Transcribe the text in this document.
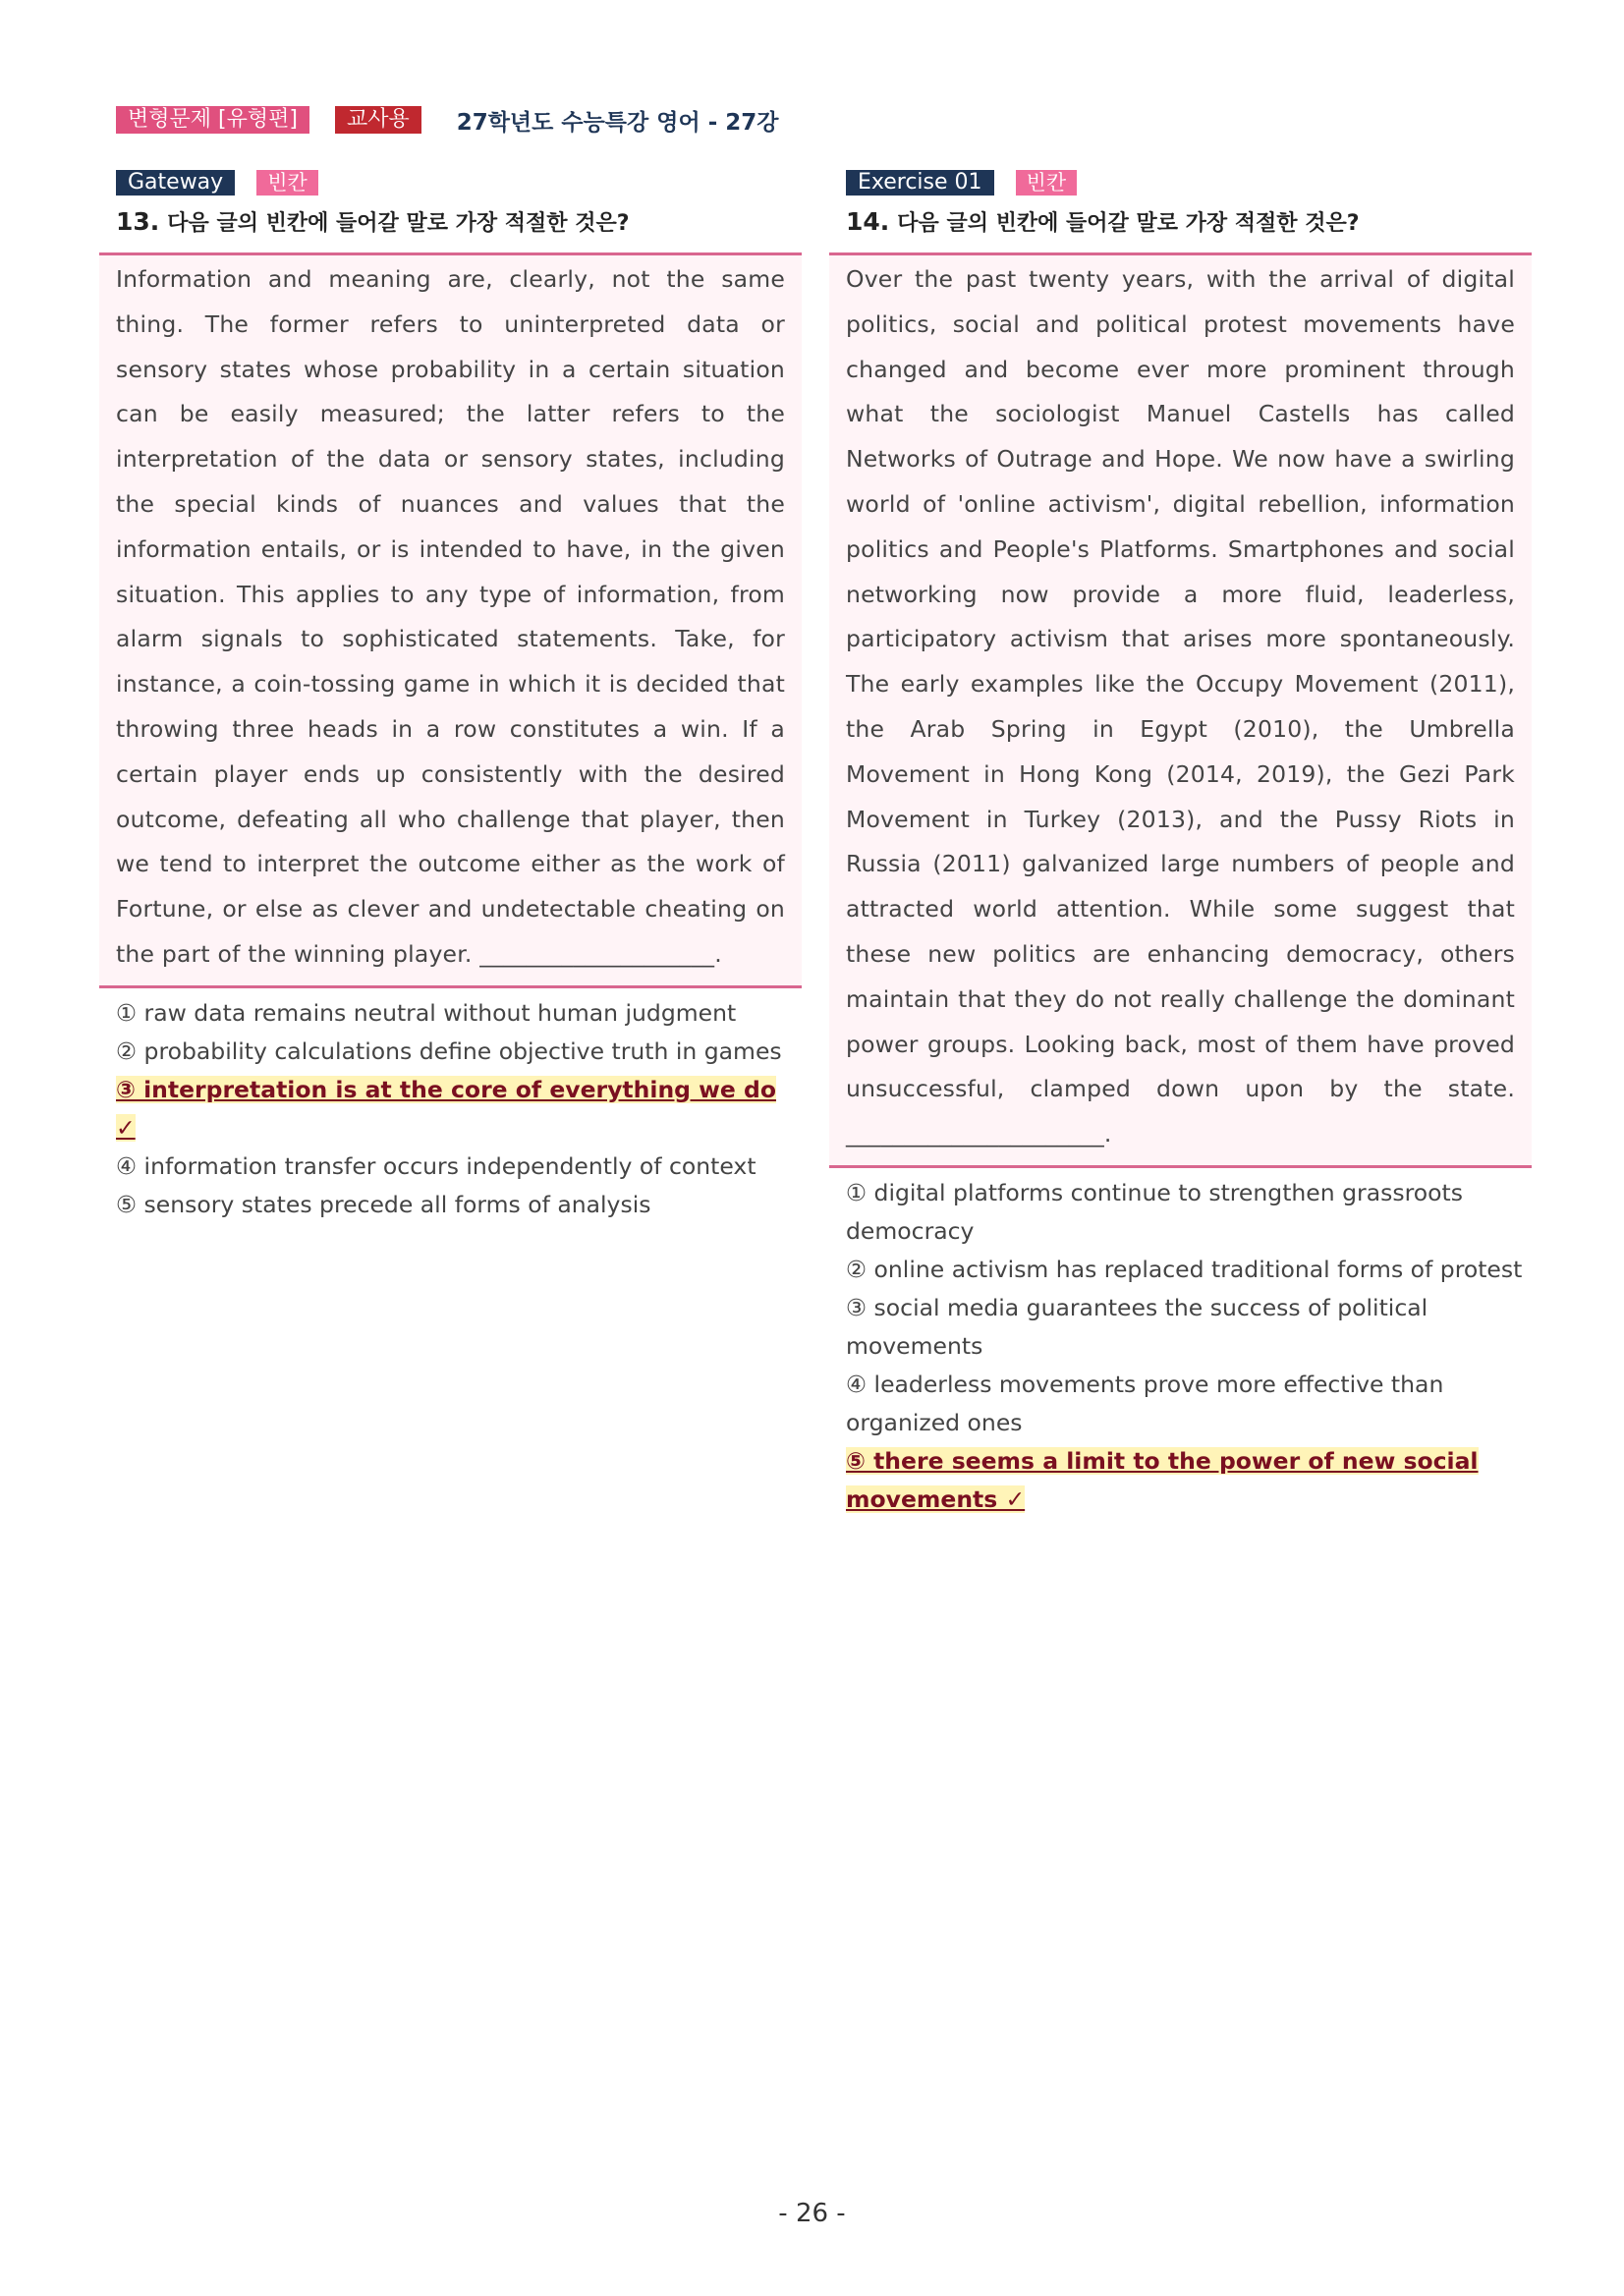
변형문제 [유형편]	교사용	27학년도 수능특강 영어 - 27강
Gateway	빈칸
13. 다음 글의 빈칸에 들어갈 말로 가장 적절한 것은?
Information and meaning are, clearly, not the same thing. The former refers to uninterpreted data or sensory states whose probability in a certain situation can be easily measured; the latter refers to the interpretation of the data or sensory states, including the special kinds of nuances and values that the information entails, or is intended to have, in the given situation. This applies to any type of information, from alarm signals to sophisticated statements. Take, for instance, a coin-tossing game in which it is decided that throwing three heads in a row constitutes a win. If a certain player ends up consistently with the desired outcome, defeating all who challenge that player, then we tend to interpret the outcome either as the work of Fortune, or else as clever and undetectable cheating on the part of the winning player. ____________________.

① raw data remains neutral without human judgment

② probability calculations define objective truth in games

③ interpretation is at the core of everything we do ✓

④ information transfer occurs independently of context

⑤ sensory states precede all forms of analysis

Exercise 01	빈칸
14. 다음 글의 빈칸에 들어갈 말로 가장 적절한 것은?
Over the past twenty years, with the arrival of digital politics, social and political protest movements have changed and become ever more prominent through what the sociologist Manuel Castells has called Networks of Outrage and Hope. We now have a swirling world of 'online activism', digital rebellion, information politics and People's Platforms. Smartphones and social networking now provide a more fluid, leaderless, participatory activism that arises more spontaneously. The early examples like the Occupy Movement (2011), the Arab Spring in Egypt (2010), the Umbrella Movement in Hong Kong (2014, 2019), the Gezi Park Movement in Turkey (2013), and the Pussy Riots in Russia (2011) galvanized large numbers of people and attracted world attention. While some suggest that these new politics are enhancing democracy, others maintain that they do not really challenge the dominant power groups. Looking back, most of them have proved unsuccessful, clamped down upon by the state. ______________________.

① digital platforms continue to strengthen grassroots democracy

② online activism has replaced traditional forms of protest

③ social media guarantees the success of political movements

④ leaderless movements prove more effective than organized ones

⑤ there seems a limit to the power of new social movements ✓

- 26 -
